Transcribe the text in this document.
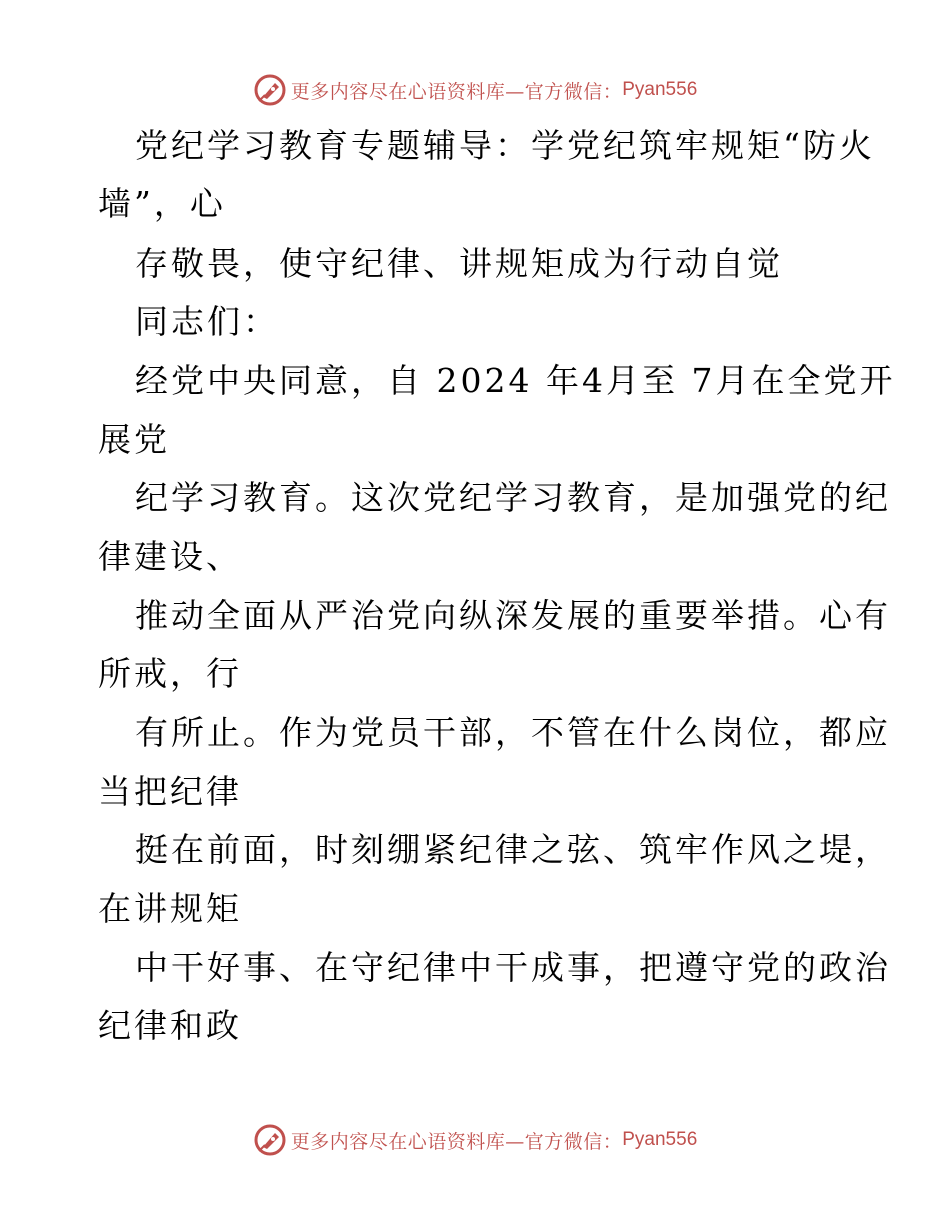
更多内容尽在心语资料库—官方微信： Pyan556
党纪学习教育专题辅导：学党纪筑牢规矩“防火
墙”，心
存敬畏，使守纪律、讲规矩成为行动自觉
同志们：
经党中央同意，自 2024 年4月至 7月在全党开
展党
纪学习教育。这次党纪学习教育，是加强党的纪
律建设、
推动全面从严治党向纵深发展的重要举措。心有
所戒，行
有所止。作为党员干部，不管在什么岗位，都应
当把纪律
挺在前面，时刻绷紧纪律之弦、筑牢作风之堤，
在讲规矩
中干好事、在守纪律中干成事，把遵守党的政治
纪律和政
更多内容尽在心语资料库—官方微信： Pyan556
